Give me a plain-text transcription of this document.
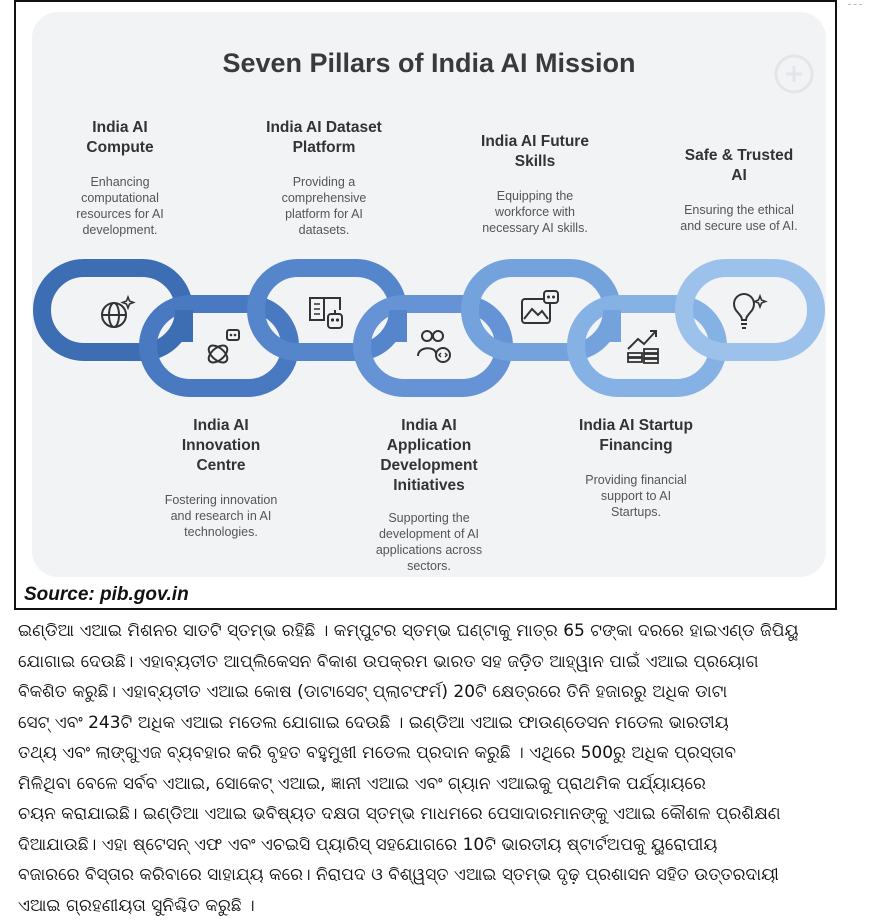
Seven Pillars of India AI Mission
India AI
Compute
Enhancing
computational
resources for AI
development.
India AI Dataset
Platform
Providing a
comprehensive
platform for AI
datasets.
India AI Future
Skills
Equipping the
workforce with
necessary AI skills.
Safe & Trusted
AI
Ensuring the ethical
and secure use of AI.
India AI
Innovation
Centre
Fostering innovation
and research in AI
technologies.
India AI
Application
Development
Initiatives
Supporting the
development of AI
applications across
sectors.
India AI Startup
Financing
Providing financial
support to AI
Startups.
Source: pib.gov.in
ଇଣ୍ଡିଆ ଏଆଇ ମିଶନର ସାତଟି ସ୍ତମ୍ଭ ରହିଛି । କମ୍ପୁଟର ସ୍ତମ୍ଭ ଘଣ୍ଟାକୁ ମାତ୍ର 65 ଟଙ୍କା ଦରରେ ହାଇଏଣ୍ଡ ଜିପିୟୁ
ଯୋଗାଇ ଦେଉଛି। ଏହାବ୍ୟତୀତ ଆପ୍ଲିକେସନ ବିକାଶ ଉପକ୍ରମ ଭାରତ ସହ ଜଡ଼ିତ ଆହ୍ୱାନ ପାଇଁ ଏଆଇ ପ୍ରୟୋଗ
ବିକଶିତ କରୁଛି। ଏହାବ୍ୟତୀତ ଏଆଇ କୋଷ (ଡାଟାସେଟ୍ ପ୍ଲାଟଫର୍ମ) 20ଟି କ୍ଷେତ୍ରରେ ତିନି ହଜାରରୁ ଅଧିକ ଡାଟା
ସେଟ୍ ଏବଂ 243ଟି ଅଧିକ ଏଆଇ ମଡେଲ ଯୋଗାଇ ଦେଉଛି । ଇଣ୍ଡିଆ ଏଆଇ ଫାଉଣ୍ଡେସନ ମଡେଲ ଭାରତୀୟ
ତଥ୍ୟ ଏବଂ ଲାଙ୍ଗୁଏଜ ବ୍ୟବହାର କରି ବୃହତ ବହୁମୁଖୀ ମଡେଲ ପ୍ରଦାନ କରୁଛି । ଏଥିରେ 500ରୁ ଅଧିକ ପ୍ରସ୍ତାବ
ମିଳିଥିବା ବେଳେ ସର୍ବବ ଏଆଇ, ସୋକେଟ୍ ଏଆଇ, ଜ୍ଞାନୀ ଏଆଇ ଏବଂ ଗ୍ୟାନ ଏଆଇକୁ ପ୍ରାଥମିକ ପର୍ଯ୍ୟାୟରେ
ଚୟନ କରାଯାଇଛି। ଇଣ୍ଡିଆ ଏଆଇ ଭବିଷ୍ୟତ ଦକ୍ଷତା ସ୍ତମ୍ଭ ମାଧମରେ ପେସାଦାରମାନଙ୍କୁ ଏଆଇ କୌଶଳ ପ୍ରଶିକ୍ଷଣ
ଦିଆଯାଉଛି। ଏହା ଷ୍ଟେସନ୍ ଏଫ ଏବଂ ଏଚଇସି ପ୍ୟାରିସ୍ ସହଯୋଗରେ 10ଟି ଭାରତୀୟ ଷ୍ଟାର୍ଟଅପକୁ ୟୁରୋପୀୟ
ବଜାରରେ ବିସ୍ତାର କରିବାରେ ସାହାଯ୍ୟ କରେ। ନିରାପଦ ଓ ବିଶ୍ୱସ୍ତ ଏଆଇ ସ୍ତମ୍ଭ ଦୃଢ଼ ପ୍ରଶାସନ ସହିତ ଉତ୍ତରଦାୟୀ
ଏଆଇ ଗ୍ରହଣୀୟତା ସୁନିଶ୍ଚିତ କରୁଛି ।
